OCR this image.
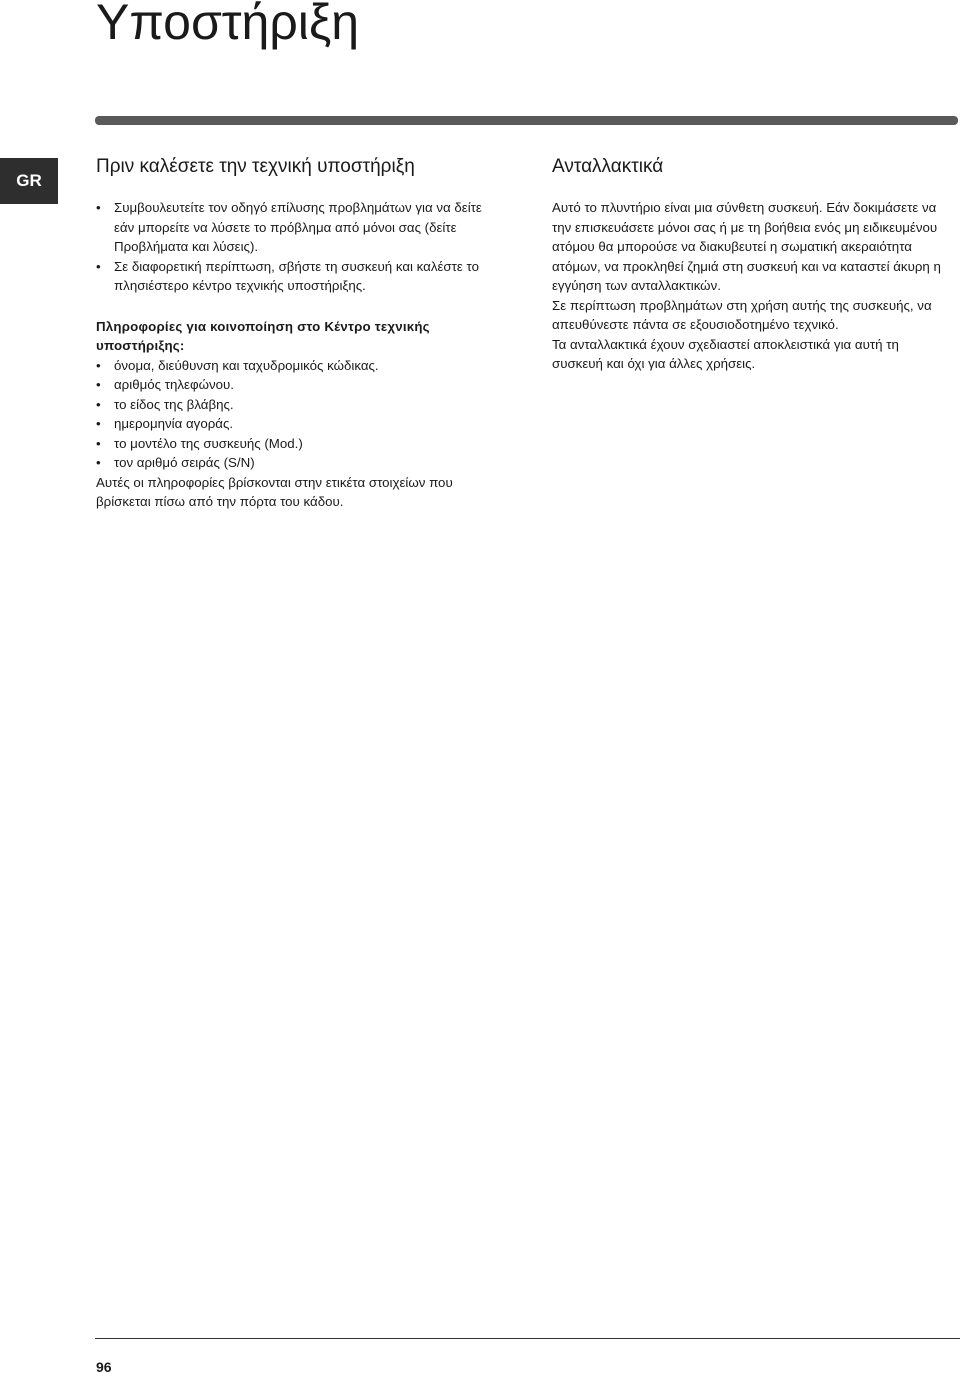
Υποστήριξη
GR
Πριν καλέσετε την τεχνική υποστήριξη
• Συμβουλευτείτε τον οδηγό επίλυσης προβλημάτων για να δείτε εάν μπορείτε να λύσετε το πρόβλημα από μόνοι σας (δείτε Προβλήματα και λύσεις).
• Σε διαφορετική περίπτωση, σβήστε τη συσκευή και καλέστε το πλησιέστερο κέντρο τεχνικής υποστήριξης.
Πληροφορίες για κοινοποίηση στο Κέντρο τεχνικής υποστήριξης:
• όνομα, διεύθυνση και ταχυδρομικός κώδικας.
• αριθμός τηλεφώνου.
• το είδος της βλάβης.
• ημερομηνία αγοράς.
• το μοντέλο της συσκευής (Mod.)
• τον αριθμό σειράς (S/N)

Αυτές οι πληροφορίες βρίσκονται στην ετικέτα στοιχείων που βρίσκεται πίσω από την πόρτα του κάδου.

Ανταλλακτικά

Αυτό το πλυντήριο είναι μια σύνθετη συσκευή. Εάν δοκιμάσετε να την επισκευάσετε μόνοι σας ή με τη βοήθεια ενός μη ειδικευμένου ατόμου θα μπορούσε να διακυβευτεί η σωματική ακεραιότητα ατόμων, να προκληθεί ζημιά στη συσκευή και να καταστεί άκυρη η εγγύηση των ανταλλακτικών.

Σε περίπτωση προβλημάτων στη χρήση αυτής της συσκευής, να απευθύνεστε πάντα σε εξουσιοδοτημένο τεχνικό.

Τα ανταλλακτικά έχουν σχεδιαστεί αποκλειστικά για αυτή τη συσκευή και όχι για άλλες χρήσεις.

96
